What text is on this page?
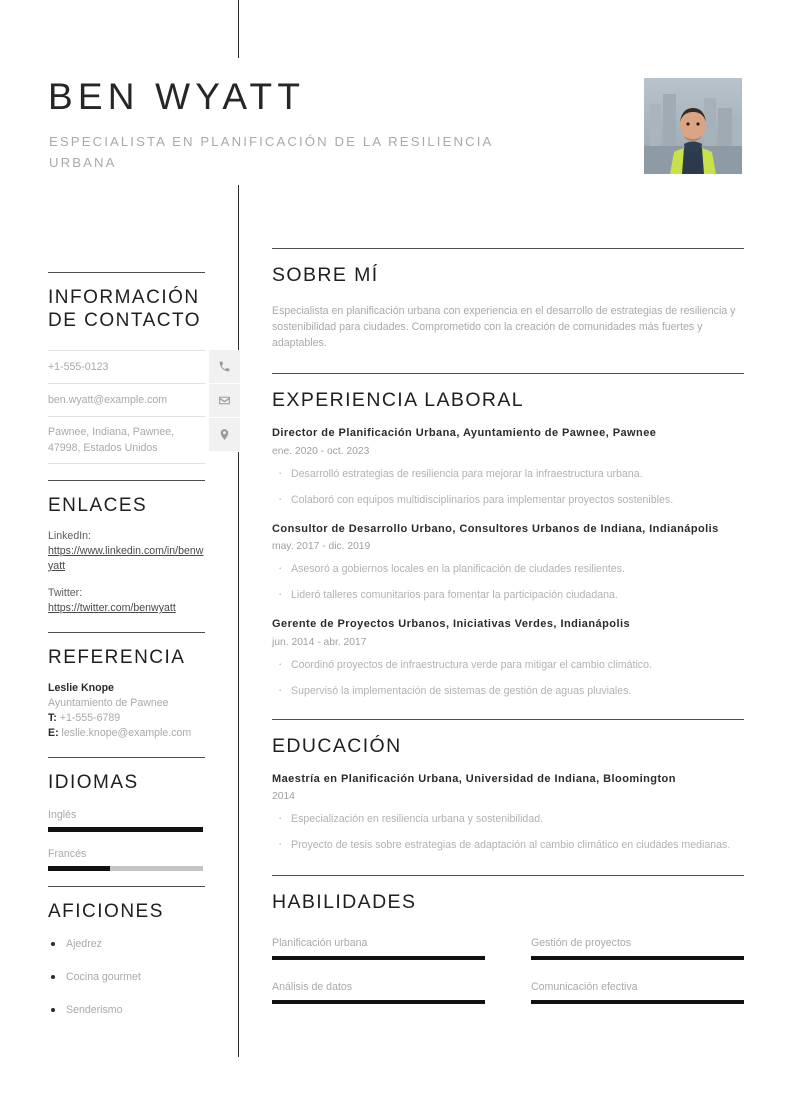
BEN WYATT
ESPECIALISTA EN PLANIFICACIÓN DE LA RESILIENCIA URBANA
INFORMACIÓN DE CONTACTO
+1-555-0123
ben.wyatt@example.com
Pawnee, Indiana, Pawnee, 47998, Estados Unidos
ENLACES
LinkedIn:
https://www.linkedin.com/in/benwyatt
Twitter:
https://twitter.com/benwyatt
REFERENCIA
Leslie Knope
Ayuntamiento de Pawnee
T: +1-555-6789
E: leslie.knope@example.com
IDIOMAS
Inglés
Francés
AFICIONES
Ajedrez
Cocina gourmet
Senderismo
SOBRE MÍ
Especialista en planificación urbana con experiencia en el desarrollo de estrategias de resiliencia y sostenibilidad para ciudades. Comprometido con la creación de comunidades más fuertes y adaptables.
EXPERIENCIA LABORAL
Director de Planificación Urbana, Ayuntamiento de Pawnee, Pawnee
ene. 2020 - oct. 2023
· Desarrolló estrategias de resiliencia para mejorar la infraestructura urbana.
· Colaboró con equipos multidisciplinarios para implementar proyectos sostenibles.
Consultor de Desarrollo Urbano, Consultores Urbanos de Indiana, Indianápolis
may. 2017 - dic. 2019
· Asesoró a gobiernos locales en la planificación de ciudades resilientes.
· Lideró talleres comunitarios para fomentar la participación ciudadana.
Gerente de Proyectos Urbanos, Iniciativas Verdes, Indianápolis
jun. 2014 - abr. 2017
· Coordinó proyectos de infraestructura verde para mitigar el cambio climático.
· Supervisó la implementación de sistemas de gestión de aguas pluviales.
EDUCACIÓN
Maestría en Planificación Urbana, Universidad de Indiana, Bloomington
2014
· Especialización en resiliencia urbana y sostenibilidad.
· Proyecto de tesis sobre estrategias de adaptación al cambio climático en ciudades medianas.
HABILIDADES
Planificación urbana	Gestión de proyectos
Análisis de datos	Comunicación efectiva
